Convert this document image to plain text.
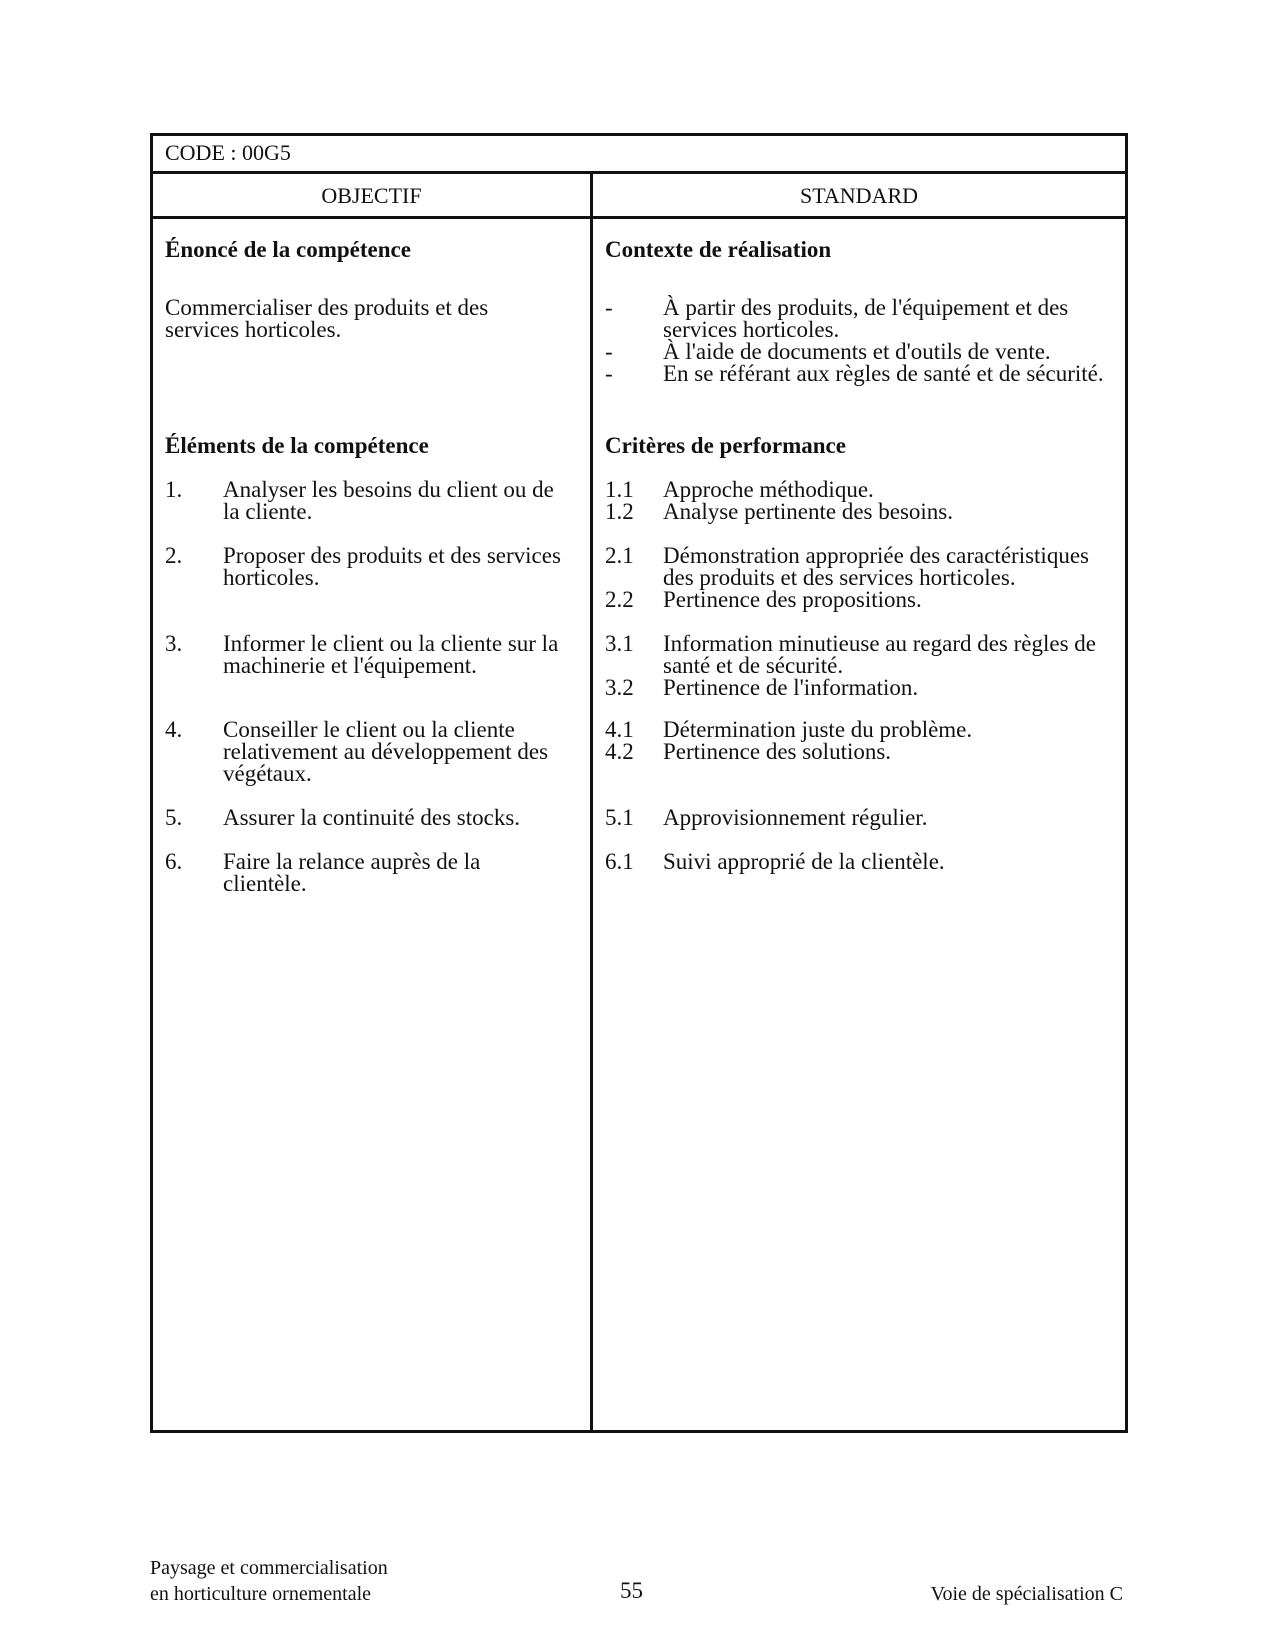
CODE : 00G5
OBJECTIF	STANDARD
Énoncé de la compétence
Commercialiser des produits et des services horticoles.
Éléments de la compétence
1.	Analyser les besoins du client ou de la cliente.
2.	Proposer des produits et des services horticoles.
3.	Informer le client ou la cliente sur la machinerie et l'équipement.
4.	Conseiller le client ou la cliente relativement au développement des végétaux.
5.	Assurer la continuité des stocks.
6.	Faire la relance auprès de la clientèle.
Contexte de réalisation
-	À partir des produits, de l'équipement et des services horticoles.
-	À l'aide de documents et d'outils de vente.
-	En se référant aux règles de santé et de sécurité.
Critères de performance
1.1	Approche méthodique.
1.2	Analyse pertinente des besoins.
2.1	Démonstration appropriée des caractéristiques des produits et des services horticoles.
2.2	Pertinence des propositions.
3.1	Information minutieuse au regard des règles de santé et de sécurité.
3.2	Pertinence de l'information.
4.1	Détermination juste du problème.
4.2	Pertinence des solutions.
5.1	Approvisionnement régulier.
6.1	Suivi approprié de la clientèle.
Paysage et commercialisation
en horticulture ornementale	55	Voie de spécialisation C
